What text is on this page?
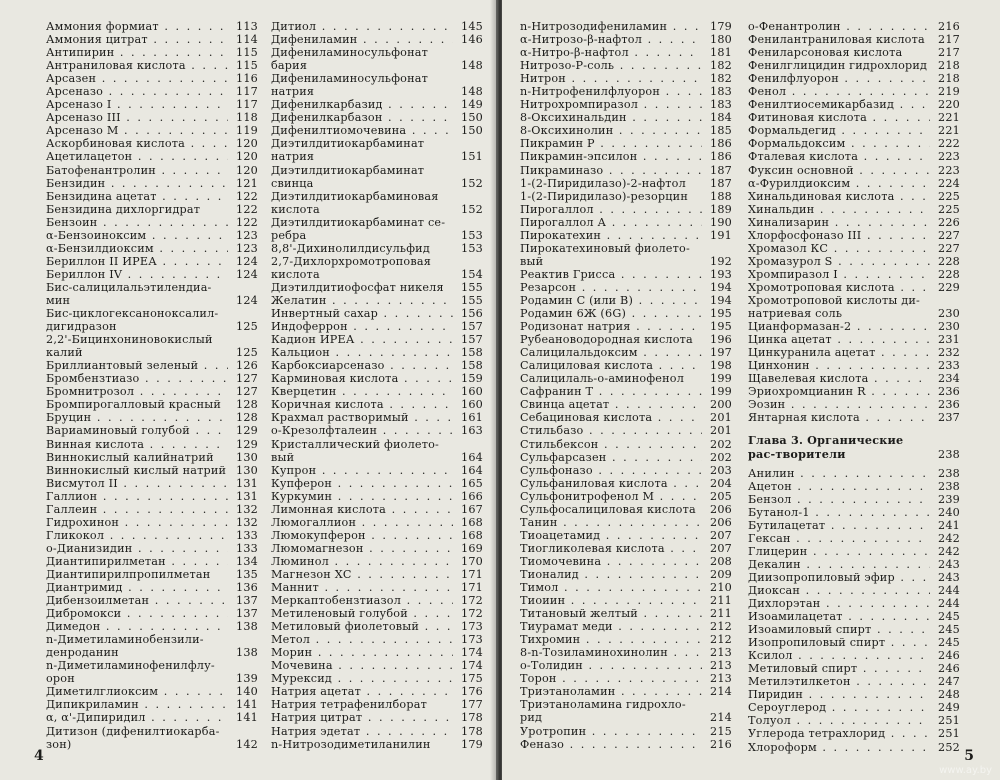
Аммония формиат . . .	113
Аммония цитрат . . .	114
Антипирин . . .	115
Антраниловая кислота . . .	115
Арсазен . . .	116
Арсеназо . . .	117
Арсеназо I . . .	117
Арсеназо III . . .	118
Арсеназо М . . .	119
Аскорбиновая кислота . . .	120
Ацетилацетон . . .	120
Батофенантролин . . .	120
Бензидин . . .	121
Бензидина ацетат . . .	122
Бензидина дихлоргидрат	122
Бензоин . . .	122
α-Бензоиноксим . . .	123
α-Бензилдиоксим . . .	123
Бериллон II ИРЕА . . .	124
Бериллон IV . . .	124
Бис-салицилальэтилендиа-мин	124
Бис-циклогексаноноксалил-дигидразон	125
2,2'-Бицинхониновокислый калий	125
Бриллиантовый зеленый . . .	126
Бромбензтиазо . . .	127
Бромнитрозол . . .	127
Бромпирогалловый красный	128
Бруцин . . .	128
Вариаминовый голубой . . .	129
Винная кислота . . .	129
Виннокислый калийнатрий	130
Виннокислый кислый натрий 130
Висмутол II . . .	131
Галлион . . .	131
Галлеин . . .	132
Гидрохинон . . .	132
Гликокол . . .	133
о-Дианизидин . . .	133
Диантипирилметан . . .	134
Диантипирилпропилметан	135
Диантримид . . .	136
Дибензоилметан . . .	137
Дибромокси . . .	137
Димедон . . .	138
n-Диметиламинобензили-денроданин	138
n-Диметиламинофенилфлу-орон	139
Диметилглиоксим . . .	140
Дипикриламин . . .	141
α, α'-Дипиридил . . .	141
Дитизон (дифенилтиокарба-зон)	142
Дитиол . . .	145
Дифениламин . . .	146
Дифениламиносульфонат бария	148
Дифениламиносульфонат натрия	148
Дифенилкарбазид . . .	149
Дифенилкарбазон . . .	150
Дифенилтиомочевина . . .	150
Диэтилдитиокарбаминат натрия	151
Диэтилдитиокарбаминат свинца	152
Диэтилдитиокарбаминовая кислота	152
Диэтилдитиокарбаминат се-ребра	153
8,8'-Дихинолилдисульфид	153
2,7-Дихлорхромотроповая кислота	154
Диэтилдитиофосфат никеля	155
Желатин . . .	155
Инвертный сахар . . .	156
Индоферрон . . .	157
Кадион ИРЕА . . .	157
Кальцион . . .	158
Карбоксиарсеназо . . .	158
Карминовая кислота . . .	159
Кверцетин . . .	160
Коричная кислота . . .	160
Крахмал растворимый . . .	161
о-Крезолфталеин . . .	163
Кристаллический фиолето-вый	164
Купрон . . .	164
Купферон . . .	165
Куркумин . . .	166
Лимонная кислота . . .	167
Люмогаллион . . .	168
Люмокупферон . . .	168
Люмомагнезон . . .	169
Люминол . . .	170
Магнезон ХС . . .	171
Маннит . . .	171
Меркаптобензтиазол . . .	172
Метиленовый голубой . . .	172
Метиловый фиолетовый . . .	173
Метол . . .	173
Морин . . .	174
Мочевина . . .	174
Мурексид . . .	175
Натрия ацетат . . .	176
Натрия тетрафенилборат	177
Натрия цитрат . . .	178
Натрия эдетат . . .	178
n-Нитрозодиметиланилин	179
4
n-Нитрозодифениламин . . .	179
α-Нитрозо-β-нафтол . . .	180
α-Нитро-β-нафтол . . .	181
Нитрозо-Р-соль . . .	182
Нитрон . . .	182
n-Нитрофенилфлуорон . . .	183
Нитрохромпиразол . . .	183
8-Оксихинальдин . . .	184
8-Оксихинолин . . .	185
Пикрамин Р . . .	186
Пикрамин-эпсилон . . .	186
Пикраминазо . . .	187
1-(2-Пиридилазо)-2-нафтол	187
1-(2-Пиридилазо)-резорцин	188
Пирогаллол . . .	189
Пирогаллол А . . .	190
Пирокатехин . . .	191
Пирокатехиновый фиолето-вый	192
Реактив Грисса . . .	193
Резарсон . . .	194
Родамин С (или В) . . .	194
Родамин 6Ж (6G) . . .	195
Родизонат натрия . . .	195
Рубеановодородная кислота	196
Салицилальдоксим . . .	197
Салициловая кислота . . .	198
Салицилаль-о-аминофенол	199
Сафранин Т . . .	199
Свинца ацетат . . .	200
Себациновая кислота . . .	201
Стильбазо . . .	201
Стильбексон . . .	202
Сульфарсазен . . .	202
Сульфоназо . . .	203
Сульфаниловая кислота . . .	204
Сульфонитрофенол М . . .	205
Сульфосалициловая кислота	206
Танин . . .	206
Тиоацетамид . . .	207
Тиогликолевая кислота . . .	207
Тиомочевина . . .	208
Тионалид . . .	209
Тимол . . .	210
Тиоиин . . .	211
Титановый желтый . . .	211
Тиурамат меди . . .	212
Тихромин . . .	212
8-n-Тозиламинохинолин . . .	213
о-Толидин . . .	213
Торон . . .	213
Триэтаноламин . . .	214
Триэтаноламина гидрохло-рид	214
Уротропин . . .	215
Феназо . . .	216
о-Фенантролин . . .	216
Фенилантраниловая кислота	217
Фениларсоновая кислота	217
Фенилглицидин гидрохлорид 218
Фенилфлуорон . . .	218
Фенол . . .	219
Фенилтиосемикарбазид . . .	220
Фитиновая кислота . . .	221
Формальдегид . . .	221
Формальдоксим . . .	222
Фталевая кислота . . .	223
Фуксин основной . . .	223
α-Фурилдиоксим . . .	224
Хинальдиновая кислота . . .	225
Хинальдин . . .	225
Хинализарин . . .	226
Хлорфосфоназо III . . .	227
Хромазол КС . . .	227
Хромазурол S . . .	228
Хромпиразол I . . .	228
Хромотроповая кислота . . .	229
Хромотроповой кислоты ди-натриевая соль	230
Цианформазан-2 . . .	230
Цинка ацетат . . .	231
Цинкуранила ацетат . . .	232
Цинхонин . . .	233
Щавелевая кислота . . .	234
Эриохромцианин R . . .	236
Эозин . . .	236
Янтарная кислота . . .	237
Глава 3. Органические рас-творители	238
Анилин . . .	238
Ацетон . . .	238
Бензол . . .	239
Бутанол-1 . . .	240
Бутилацетат . . .	241
Гексан . . .	242
Глицерин . . .	242
Декалин . . .	243
Диизопропиловый эфир . . .	243
Диоксан . . .	244
Дихлорэтан . . .	244
Изоамилацетат . . .	245
Изоамиловый спирт . . .	245
Изопропиловый спирт . . .	245
Ксилол . . .	246
Метиловый спирт . . .	246
Метилэтилкетон . . .	247
Пиридин . . .	248
Сероуглерод . . .	249
Толуол . . .	251
Углерода тетрахлорид . . .	251
Хлороформ . . .	252
5
www.ay.by
